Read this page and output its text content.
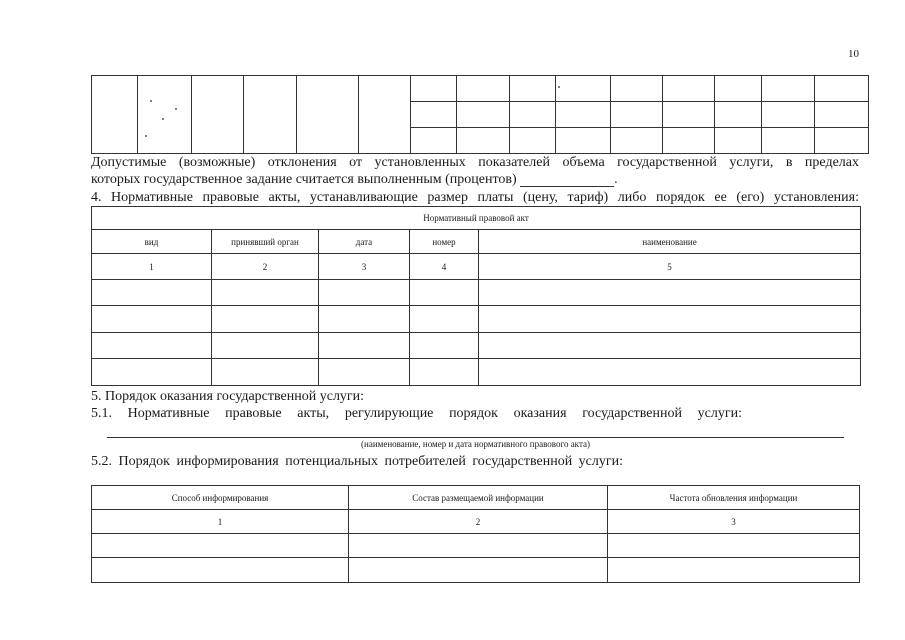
10

Допустимые (возможные) отклонения от установленных показателей объема государственной услуги, в пределах
которых государственное задание считается выполненным (процентов)	.
4. Нормативные правовые акты, устанавливающие размер платы (цену, тариф) либо порядок ее (его) установления:
Нормативный правовой акт				
вид	принявший орган	дата	номер	наименование
1	2	3	4	5

5. Порядок оказания государственной услуги:
5.1. Нормативные правовые акты, регулирующие порядок оказания государственной услуги:
(наименование, номер и дата нормативного правового акта)
5.2. Порядок информирования потенциальных потребителей государственной услуги:
Способ информирования	Состав размещаемой информации	Частота обновления информации
1	2	3
